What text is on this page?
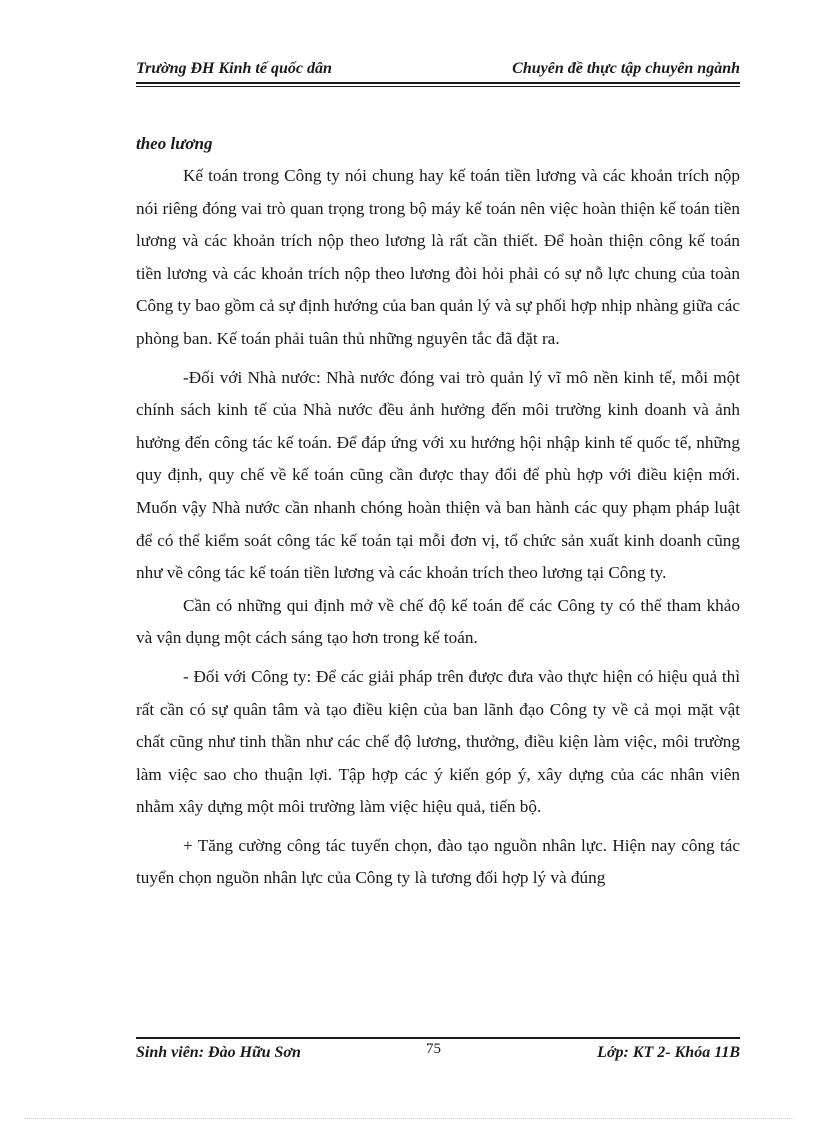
Trường ĐH Kinh tế quốc dân	Chuyên đề thực tập chuyên ngành

theo lương

Kế toán trong Công ty nói chung hay kế toán tiền lương và các khoản trích nộp nói riêng đóng vai trò quan trọng trong bộ máy kế toán nên việc hoàn thiện kế toán tiền lương và các khoản trích nộp theo lương là rất cần thiết. Để hoàn thiện công kế toán tiền lương và các khoản trích nộp theo lương đòi hỏi phải có sự nỗ lực chung của toàn Công ty bao gồm cả sự định hướng của ban quản lý và sự phối hợp nhịp nhàng giữa các phòng ban. Kế toán phải tuân thủ những nguyên tắc đã đặt ra.

-Đối với Nhà nước: Nhà nước đóng vai trò quản lý vĩ mô nền kinh tế, mỗi một chính sách kinh tế của Nhà nước đều ảnh hưởng đến môi trường kinh doanh và ảnh hưởng đến công tác kế toán. Để đáp ứng với xu hướng hội nhập kinh tế quốc tế, những quy định, quy chế về kế toán cũng cần được thay đổi để phù hợp với điều kiện mới. Muốn vậy Nhà nước cần nhanh chóng hoàn thiện và ban hành các quy phạm pháp luật để có thể kiểm soát công tác kế toán tại mỗi đơn vị, tổ chức sản xuất kinh doanh cũng như về công tác kế toán tiền lương và các khoản trích theo lương tại Công ty.

Cần có những qui định mở về chế độ kế toán để các Công ty có thể tham khảo và vận dụng một cách sáng tạo hơn trong kế toán.

- Đối với Công ty: Để các giải pháp trên được đưa vào thực hiện có hiệu quả thì rất cần có sự quân tâm và tạo điều kiện của ban lãnh đạo Công ty về cả mọi mặt vật chất cũng như tinh thần như các chế độ lương, thưởng, điều kiện làm việc, môi trường làm việc sao cho thuận lợi. Tập hợp các ý kiến góp ý, xây dựng của các nhân viên nhằm xây dựng một môi trường làm việc hiệu quả, tiến bộ.

+ Tăng cường công tác tuyển chọn, đào tạo nguồn nhân lực. Hiện nay công tác tuyển chọn nguồn nhân lực của Công ty là tương đối hợp lý và đúng

Sinh viên: Đào Hữu Sơn	75	Lớp: KT 2- Khóa 11B
